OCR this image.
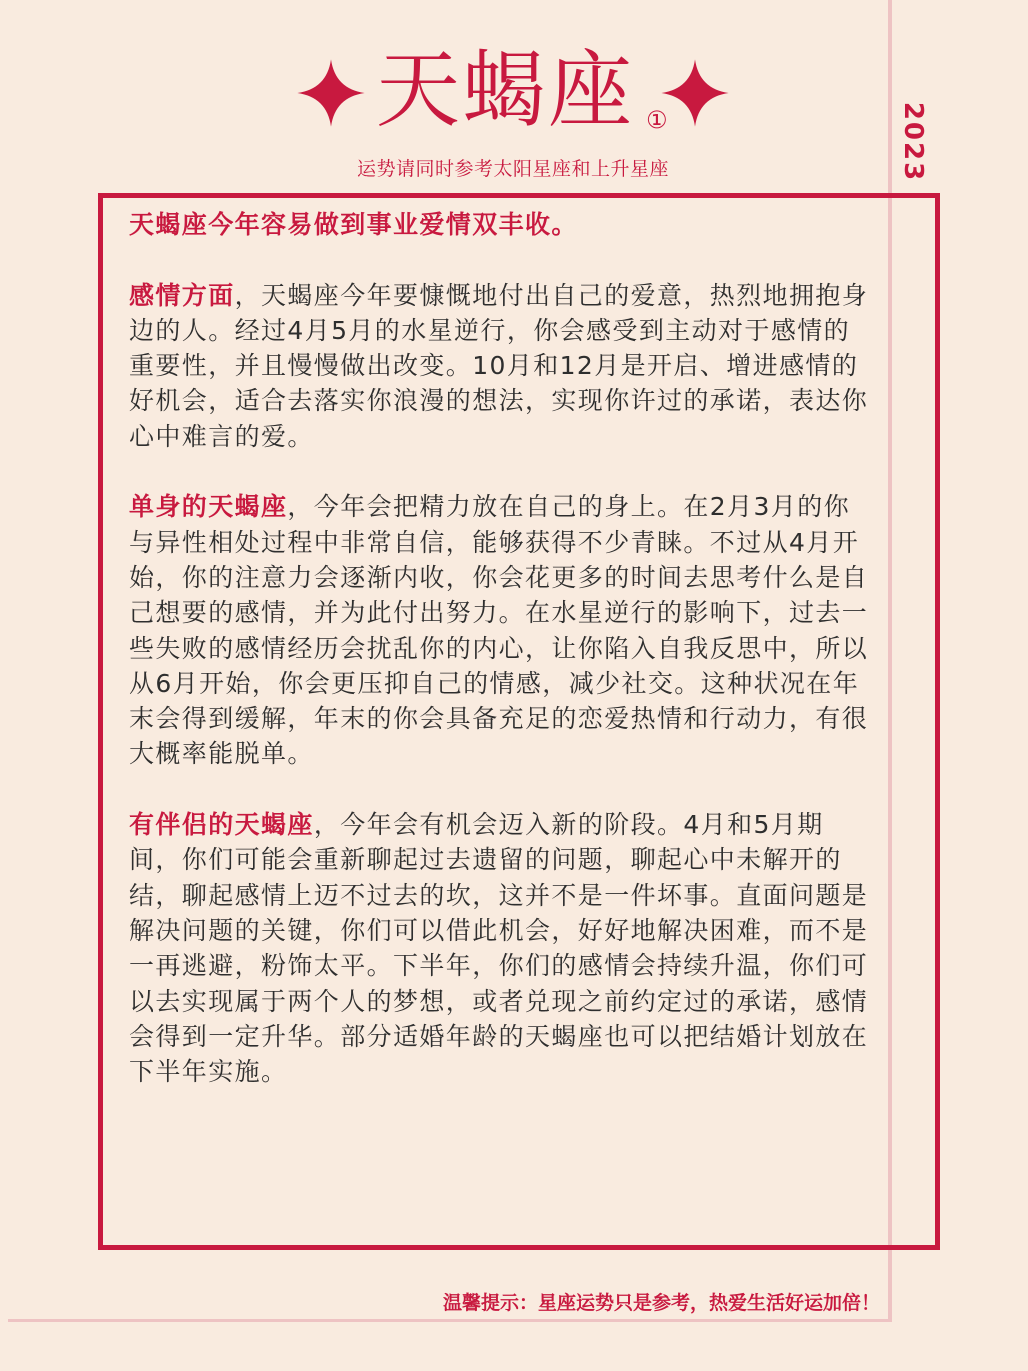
2023
天蝎座 ①
运势请同时参考太阳星座和上升星座

天蝎座今年容易做到事业爱情双丰收。

感情方面，天蝎座今年要慷慨地付出自己的爱意，热烈地拥抱身边的人。经过4月5月的水星逆行，你会感受到主动对于感情的重要性，并且慢慢做出改变。10月和12月是开启、增进感情的好机会，适合去落实你浪漫的想法，实现你许过的承诺，表达你心中难言的爱。

单身的天蝎座，今年会把精力放在自己的身上。在2月3月的你与异性相处过程中非常自信，能够获得不少青睐。不过从4月开始，你的注意力会逐渐内收，你会花更多的时间去思考什么是自己想要的感情，并为此付出努力。在水星逆行的影响下，过去一些失败的感情经历会扰乱你的内心，让你陷入自我反思中，所以从6月开始，你会更压抑自己的情感，减少社交。这种状况在年末会得到缓解，年末的你会具备充足的恋爱热情和行动力，有很大概率能脱单。

有伴侣的天蝎座，今年会有机会迈入新的阶段。4月和5月期间，你们可能会重新聊起过去遗留的问题，聊起心中未解开的结，聊起感情上迈不过去的坎，这并不是一件坏事。直面问题是解决问题的关键，你们可以借此机会，好好地解决困难，而不是一再逃避，粉饰太平。下半年，你们的感情会持续升温，你们可以去实现属于两个人的梦想，或者兑现之前约定过的承诺，感情会得到一定升华。部分适婚年龄的天蝎座也可以把结婚计划放在下半年实施。

温馨提示：星座运势只是参考，热爱生活好运加倍！
